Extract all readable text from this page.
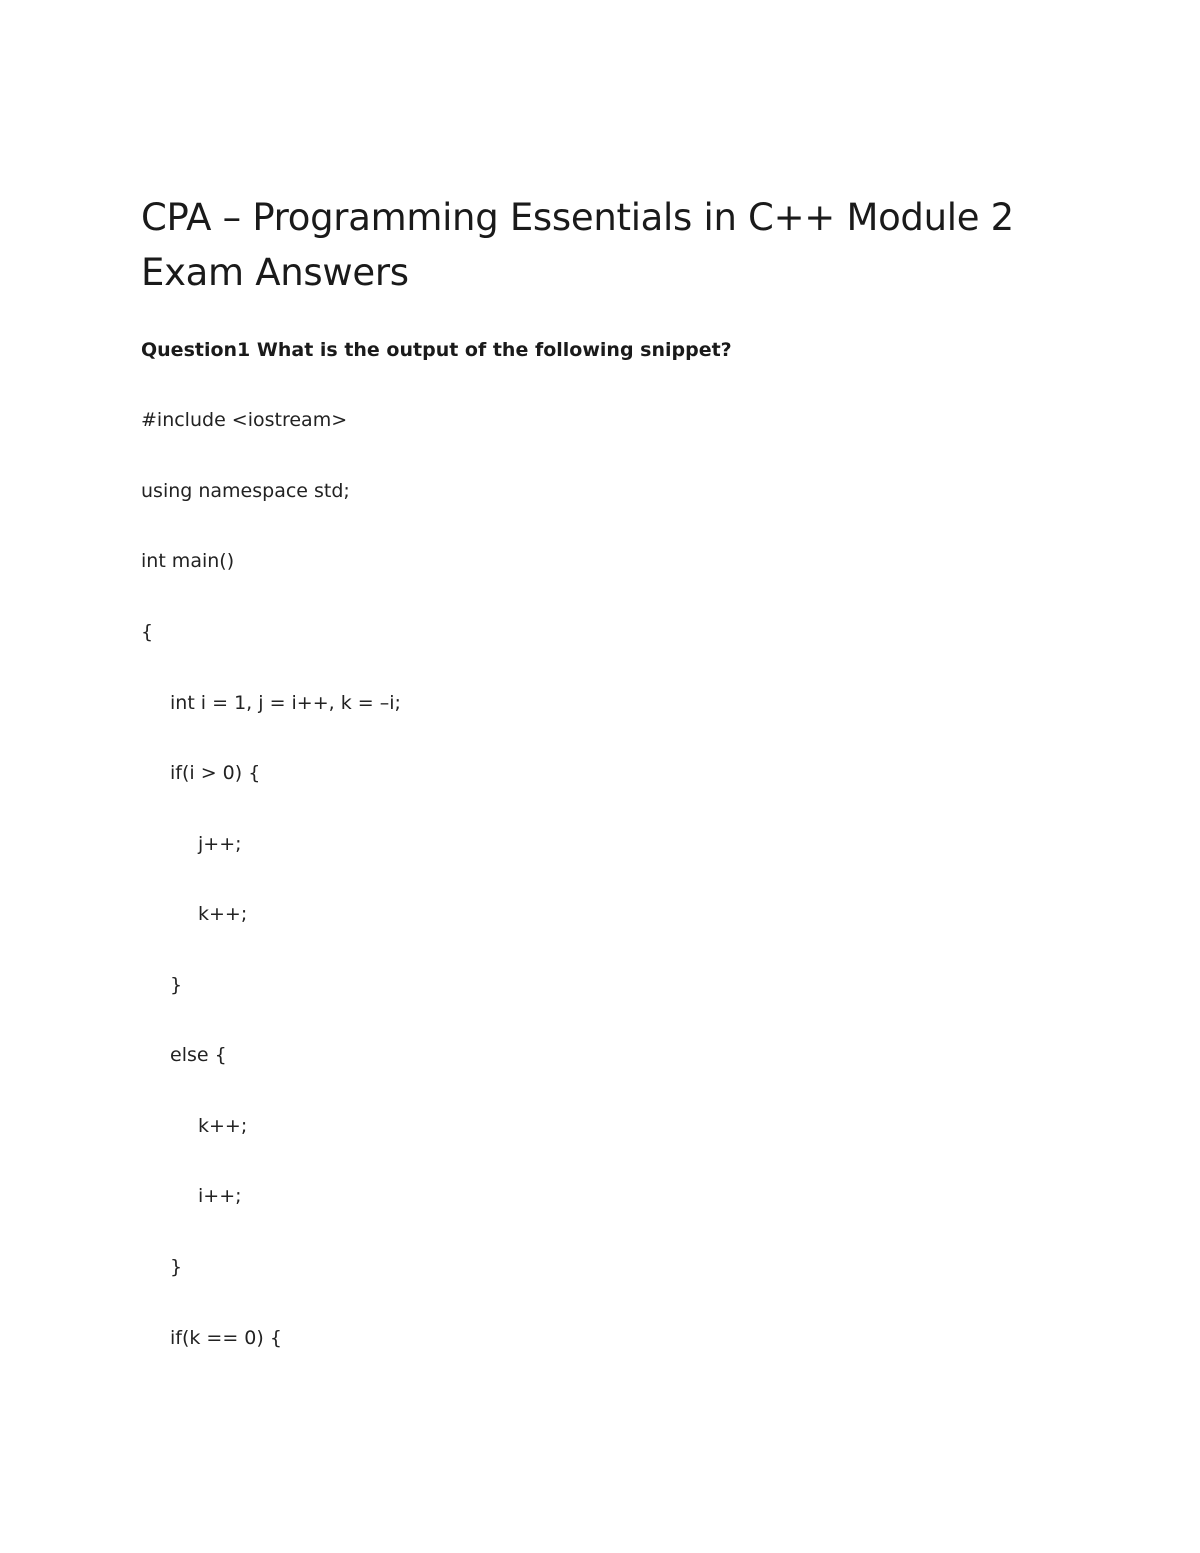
CPA – Programming Essentials in C++ Module 2
Exam Answers

Question1 What is the output of the following snippet?

#include <iostream>

using namespace std;

int main()

{

int i = 1, j = i++, k = –i;

if(i > 0) {

j++;

k++;

}

else {

k++;

i++;

}

if(k == 0) {
